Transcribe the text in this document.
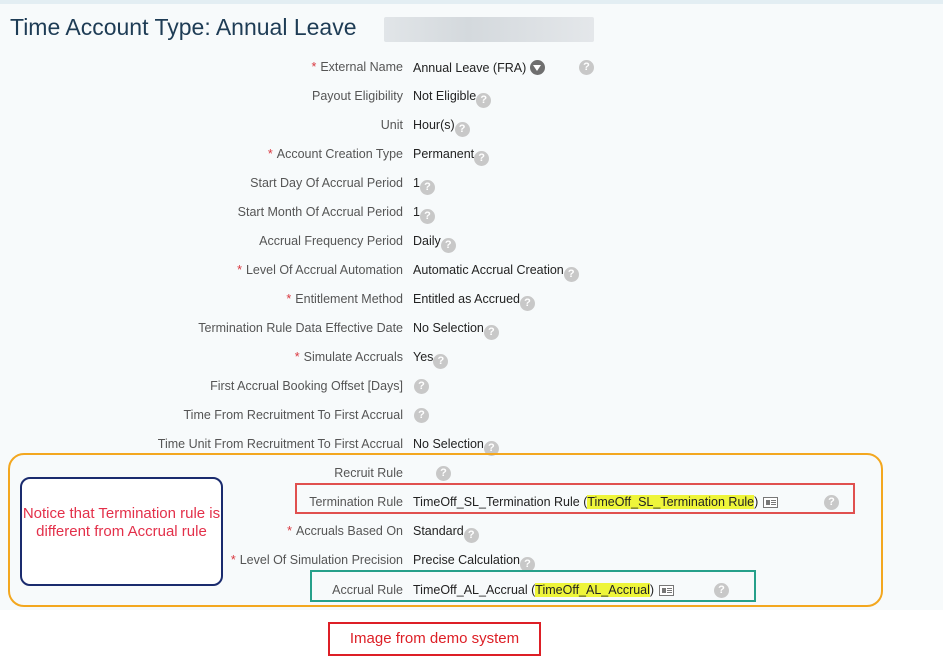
Time Account Type: Annual Leave
* External Name Annual Leave (FRA)	?
Payout Eligibility Not Eligible ?
Unit Hour(s) ?
* Account Creation Type Permanent ?
Start Day Of Accrual Period 1 ?
Start Month Of Accrual Period 1 ?
Accrual Frequency Period Daily ?
* Level Of Accrual Automation Automatic Accrual Creation ?
* Entitlement Method Entitled as Accrued ?
Termination Rule Data Effective Date No Selection ?
* Simulate Accruals Yes ?
First Accrual Booking Offset [Days]	?
Time From Recruitment To First Accrual	?
Time Unit From Recruitment To First Accrual No Selection ?
Recruit Rule	?
Termination Rule TimeOff_SL_Termination Rule (TimeOff_SL_Termination Rule)	?
* Accruals Based On Standard ?
* Level Of Simulation Precision Precise Calculation ?
Accrual Rule TimeOff_AL_Accrual (TimeOff_AL_Accrual)	?
Notice that Termination rule is different from Accrual rule
Image from demo system
